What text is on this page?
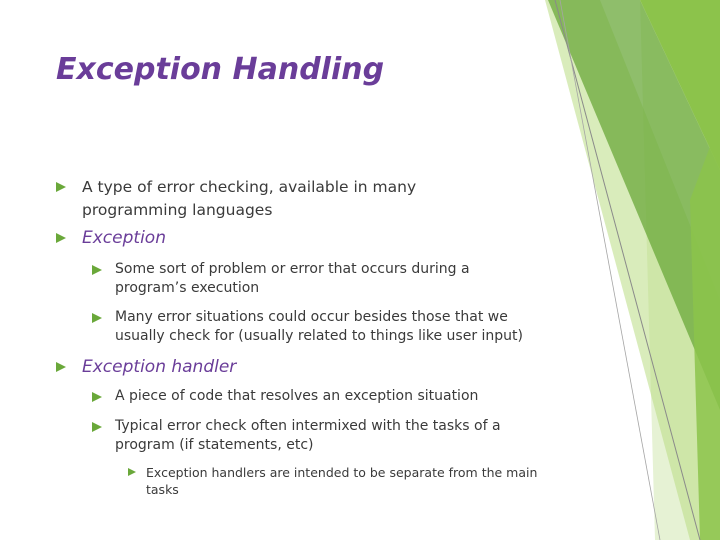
Exception Handling
A type of error checking, available in many
programming languages
Exception
Some sort of problem or error that occurs during a
program’s execution
Many error situations could occur besides those that we
usually check for (usually related to things like user input)
Exception handler
A piece of code that resolves an exception situation
Typical error check often intermixed with the tasks of a
program (if statements, etc)
Exception handlers are intended to be separate from the main
tasks
